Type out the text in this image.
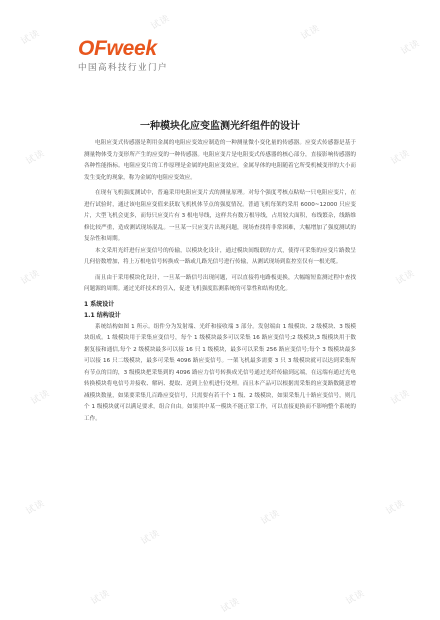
试读
试读
试读
试读
试读	试读
试读	试读
试读	试读
试读
试读
试读
试读
试读	试读	试读
OFweek
中国高科技行业门户
一种模块化应变监测光纤组件的设计

电阻应变式传感器是利用金属的电阻应变效应制造的一种测量微小变化量的传感器。应变式传感器是基于测量物体受力变形所产生的应变的一种传感器。电阻应变片是电阻变式传感器的核心部分，直接影响传感器的各种性能指标。电阻应变片的工作原理是金属的电阻应变效应，金属导体的电阻随着它所受机械变形的大小而发生变化的现象，称为金属的电阻应变效应。

在现有飞机强度测试中，普遍采用电阻应变片式的测量原理。对每个强度考核点粘贴一只电阻应变片，在进行试验时，通过该电阻应变值来获取飞机机体节点的强度情况。普通飞机每架约采用 6000~12000 只应变片，大型飞机会更多，而每只应变片有 3 根电导线，这样共有数万根导线，占用较大面积，布线繁杂，线路维修比较严重，造成测试现场混乱。一旦某一只应变片出现问题，现场查找将非常困难，大幅增加了强度测试的复杂性和周期。

本文采用光纤进行应变信号的传输，以模块化设计，通过模块间级联的方式，使得可采集的应变片路数呈几何倍数增加，将上万根电信号转换成一路或几路光信号进行传输，从测试现场到监控室仅有一根光缆。

而且由于采用模块化设计，一旦某一路信号出现问题，可以直接将电路板更换，大幅缩短监测过程中查找问题源的周期。通过光纤技术的引入，促进飞机强度监测系统的可靠性和结构优化。

1 系统设计
1.1 结构设计

系统结构如图 1 所示。组件分为发射端、光纤和接收端 3 部分。发射端由 1 级模块、2 级模块、3 级模块组成。1 级模块用于采集应变信号，每个 1 级模块最多可以采集 16 路应变信号;2 级模块,3 级模块用于数据复接和通信,每个 2 级模块最多可以接 16 只 1 级模块，最多可以采集 256 路应变信号;每个 3 级模块最多可以接 16 只二级模块，最多可采集 4096 路应变信号。一架飞机最多需要 3 只 3 级模块就可以达到采集所有节点的目的，3 级模块把采集到的 4096 路应力信号转换成光信号通过光纤传输到远端，在远端有通过光电转换模块将电信号并接收、解码、提取、送到上位机进行处理。而且本产品可以根据需采集的应变路数随意增减模块数量，如果要采集几百路应变信号，只需要有若干个 1 级、2 级模块，如果采集几十路应变信号，则几个 1 级模块就可以满足要求，组合自由。如果其中某一模块不能正常工作，可以直接更换而不影响整个系统的工作。
